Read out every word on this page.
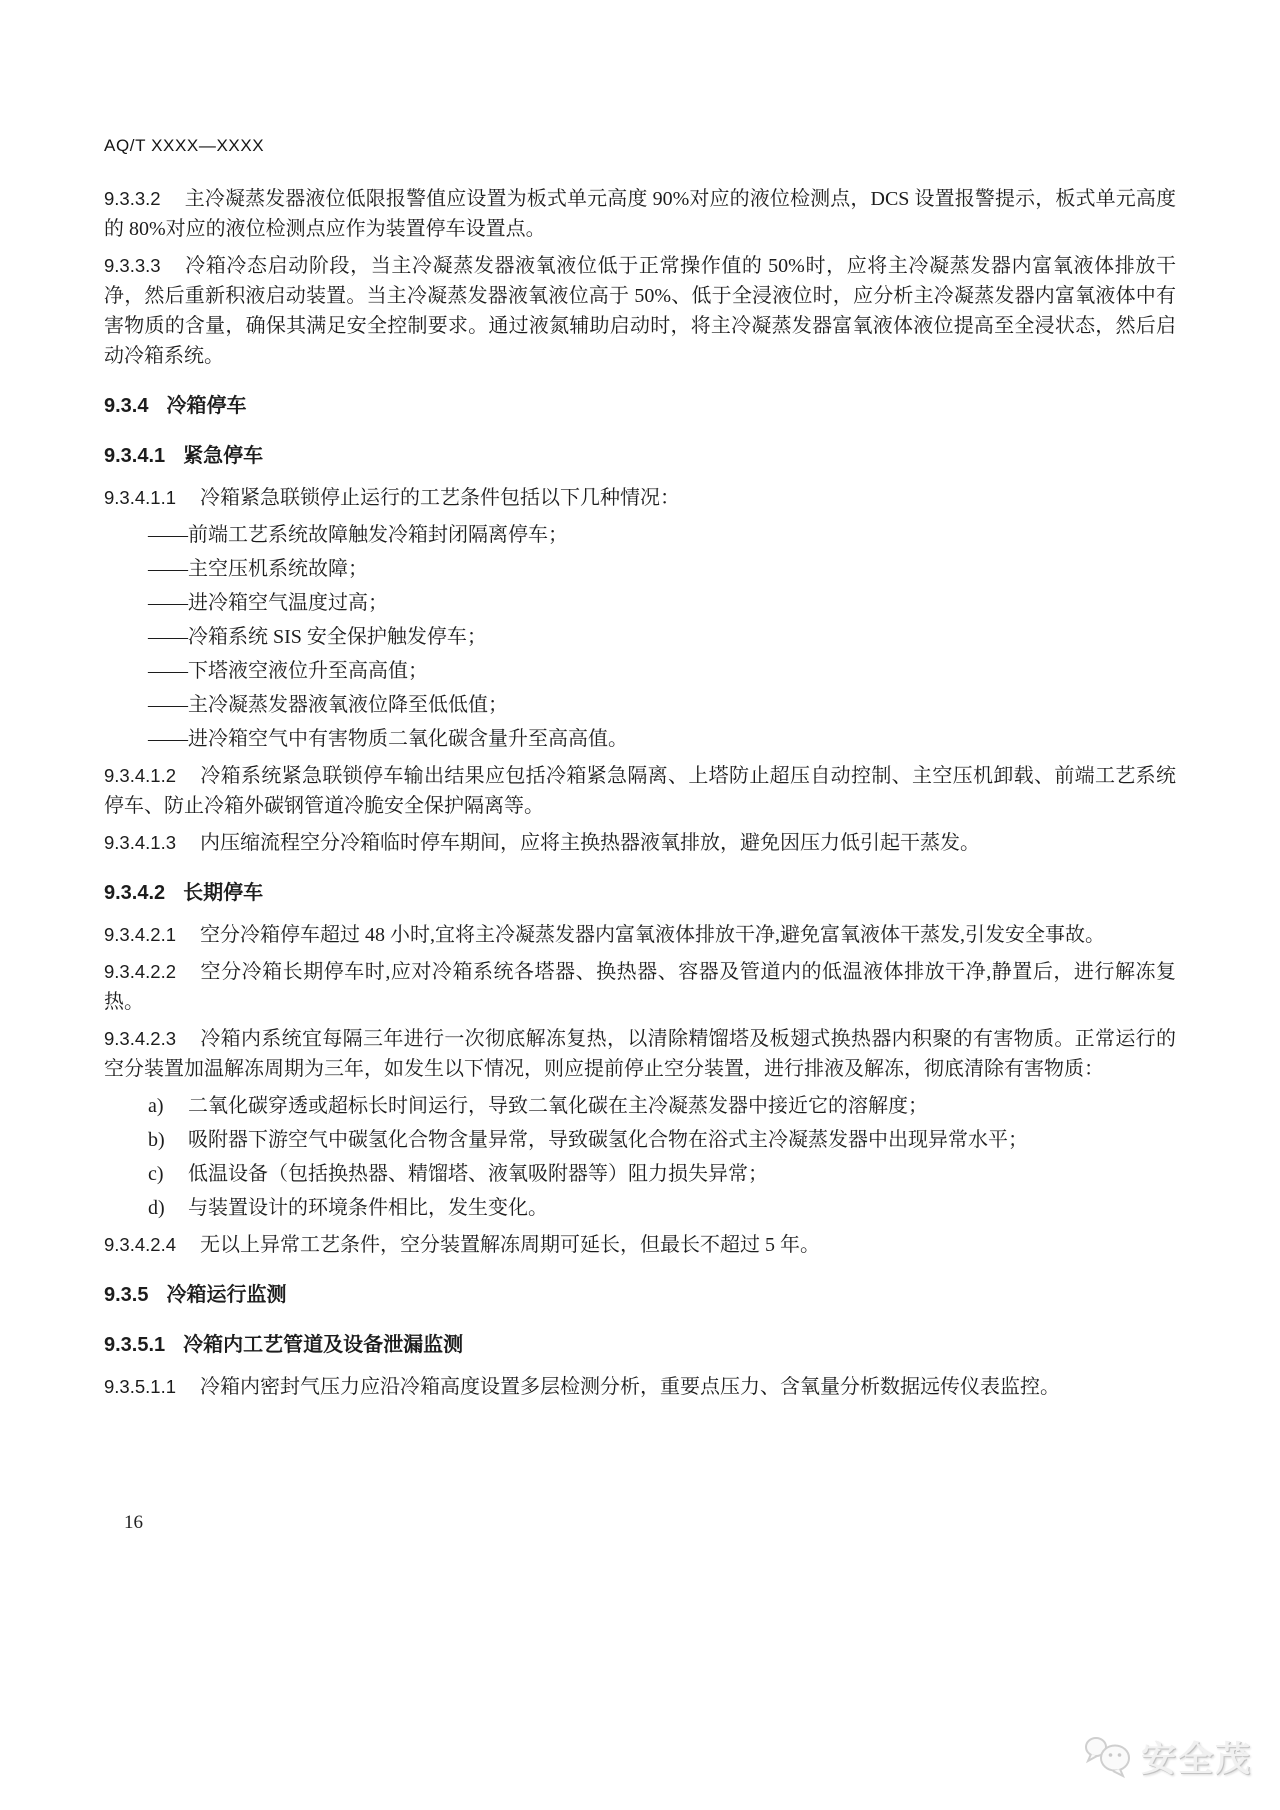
AQ/T XXXX—XXXX

9.3.3.2 主冷凝蒸发器液位低限报警值应设置为板式单元高度 90%对应的液位检测点，DCS 设置报警提示，板式单元高度的 80%对应的液位检测点应作为装置停车设置点。

9.3.3.3 冷箱冷态启动阶段，当主冷凝蒸发器液氧液位低于正常操作值的 50%时，应将主冷凝蒸发器内富氧液体排放干净，然后重新积液启动装置。当主冷凝蒸发器液氧液位高于 50%、低于全浸液位时，应分析主冷凝蒸发器内富氧液体中有害物质的含量，确保其满足安全控制要求。通过液氮辅助启动时，将主冷凝蒸发器富氧液体液位提高至全浸状态，然后启动冷箱系统。

9.3.4 冷箱停车
9.3.4.1 紧急停车

9.3.4.1.1 冷箱紧急联锁停止运行的工艺条件包括以下几种情况：

——前端工艺系统故障触发冷箱封闭隔离停车；

——主空压机系统故障；

——进冷箱空气温度过高；

——冷箱系统 SIS 安全保护触发停车；

——下塔液空液位升至高高值；

——主冷凝蒸发器液氧液位降至低低值；

——进冷箱空气中有害物质二氧化碳含量升至高高值。

9.3.4.1.2 冷箱系统紧急联锁停车输出结果应包括冷箱紧急隔离、上塔防止超压自动控制、主空压机卸载、前端工艺系统停车、防止冷箱外碳钢管道冷脆安全保护隔离等。

9.3.4.1.3 内压缩流程空分冷箱临时停车期间，应将主换热器液氧排放，避免因压力低引起干蒸发。

9.3.4.2 长期停车

9.3.4.2.1 空分冷箱停车超过 48 小时,宜将主冷凝蒸发器内富氧液体排放干净,避免富氧液体干蒸发,引发安全事故。

9.3.4.2.2 空分冷箱长期停车时,应对冷箱系统各塔器、换热器、容器及管道内的低温液体排放干净,静置后，进行解冻复热。

9.3.4.2.3 冷箱内系统宜每隔三年进行一次彻底解冻复热，以清除精馏塔及板翅式换热器内积聚的有害物质。正常运行的空分装置加温解冻周期为三年，如发生以下情况，则应提前停止空分装置，进行排液及解冻，彻底清除有害物质：

a)	二氧化碳穿透或超标长时间运行，导致二氧化碳在主冷凝蒸发器中接近它的溶解度；
b)	吸附器下游空气中碳氢化合物含量异常，导致碳氢化合物在浴式主冷凝蒸发器中出现异常水平；
c)	低温设备（包括换热器、精馏塔、液氧吸附器等）阻力损失异常；
d)	与装置设计的环境条件相比，发生变化。

9.3.4.2.4 无以上异常工艺条件，空分装置解冻周期可延长，但最长不超过 5 年。

9.3.5 冷箱运行监测
9.3.5.1 冷箱内工艺管道及设备泄漏监测

9.3.5.1.1 冷箱内密封气压力应沿冷箱高度设置多层检测分析，重要点压力、含氧量分析数据远传仪表监控。

16
安全茂
